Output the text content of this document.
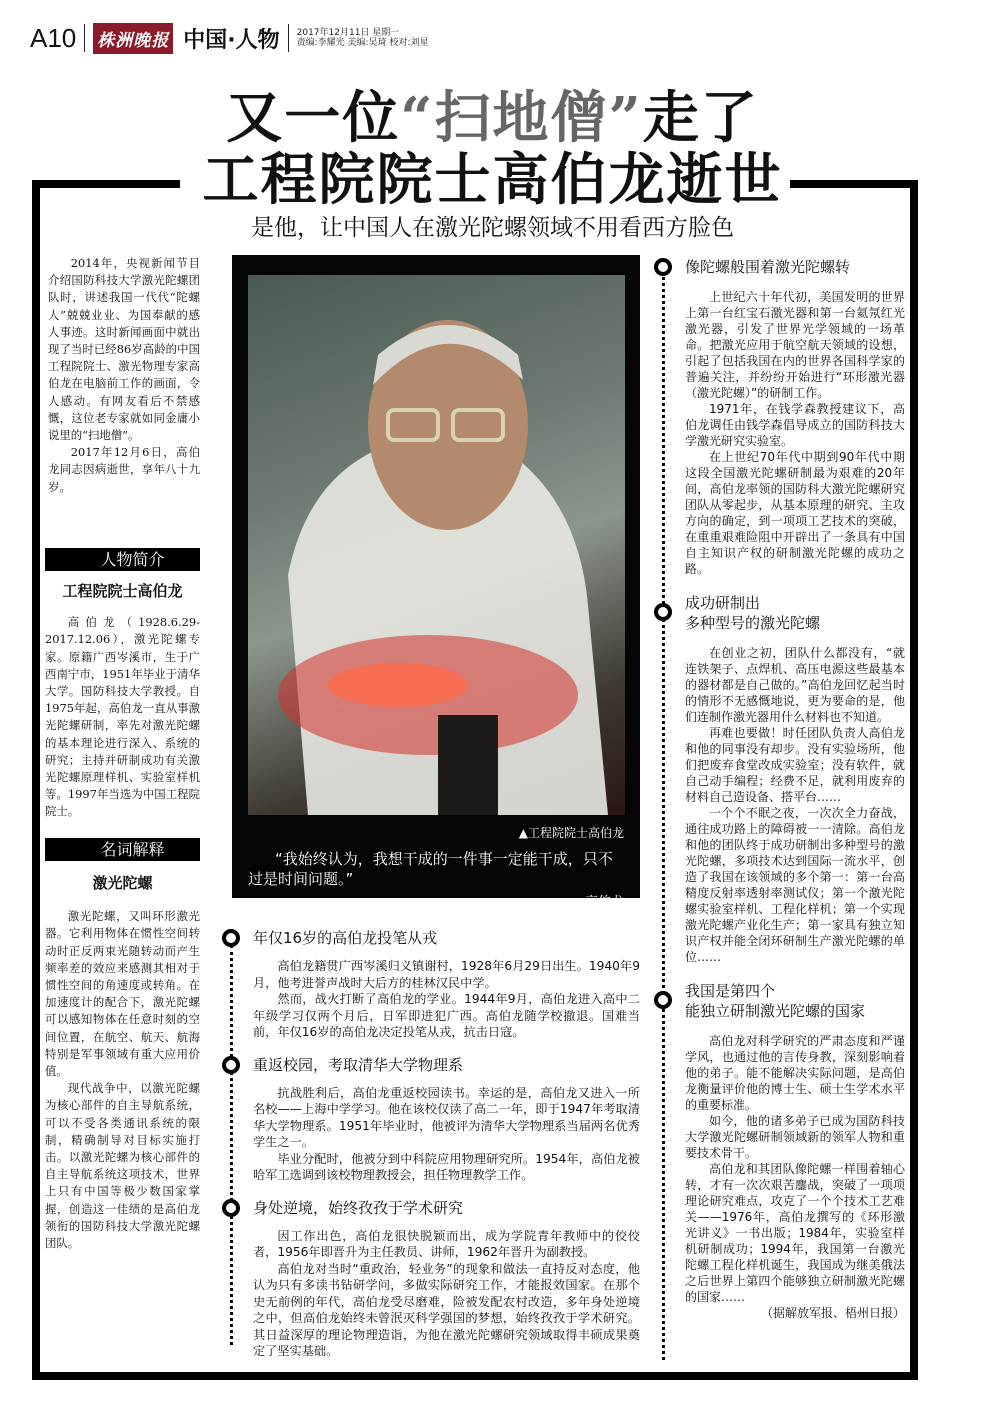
A10 株洲晚报 中国·人物 2017年12月11日 星期一
责编:李耀光 美编:吴琦 校对:刘星
又一位“扫地僧”走了
工程院院士高伯龙逝世
是他，让中国人在激光陀螺领域不用看西方脸色

2014年，央视新闻节目介绍国防科技大学激光陀螺团队时，讲述我国一代代“陀螺人”兢兢业业、为国奉献的感人事迹。这时新闻画面中就出现了当时已经86岁高龄的中国工程院院士、激光物理专家高伯龙在电脑前工作的画面，令人感动。有网友看后不禁感慨，这位老专家就如同金庸小说里的“扫地僧”。

2017年12月6日，高伯龙同志因病逝世，享年八十九岁。

人物简介
工程院院士高伯龙

高伯龙（1928.6.29-2017.12.06），激光陀螺专家。原籍广西岑溪市，生于广西南宁市，1951年毕业于清华大学。国防科技大学教授。自1975年起，高伯龙一直从事激光陀螺研制，率先对激光陀螺的基本理论进行深入、系统的研究；主持并研制成功有关激光陀螺原理样机、实验室样机等。1997年当选为中国工程院院士。

名词解释
激光陀螺

激光陀螺，又叫环形激光器。它利用物体在惯性空间转动时正反两束光随转动而产生频率差的效应来感测其相对于惯性空间的角速度或转角。在加速度计的配合下，激光陀螺可以感知物体在任意时刻的空间位置，在航空、航天、航海特别是军事领域有重大应用价值。

现代战争中，以激光陀螺为核心部件的自主导航系统，可以不受各类通讯系统的限制，精确制导对目标实施打击。以激光陀螺为核心部件的自主导航系统这项技术，世界上只有中国等极少数国家掌握，创造这一佳绩的是高伯龙领衔的国防科技大学激光陀螺团队。

▲工程院院士高伯龙
“我始终认为，我想干成的一件事一定能干成，只不过是时间问题。”
——高伯龙
年仅16岁的高伯龙投笔从戎

高伯龙籍贯广西岑溪归义镇谢村，1928年6月29日出生。1940年9月，他考进誉声战时大后方的桂林汉民中学。

然而，战火打断了高伯龙的学业。1944年9月，高伯龙进入高中二年级学习仅两个月后，日军即进犯广西。高伯龙随学校撤退。国难当前，年仅16岁的高伯龙决定投笔从戎，抗击日寇。

重返校园，考取清华大学物理系

抗战胜利后，高伯龙重返校园读书。幸运的是，高伯龙又进入一所名校——上海中学学习。他在该校仅读了高二一年，即于1947年考取清华大学物理系。1951年毕业时，他被评为清华大学物理系当届两名优秀学生之一。

毕业分配时，他被分到中科院应用物理研究所。1954年，高伯龙被哈军工选调到该校物理教授会，担任物理教学工作。

身处逆境，始终孜孜于学术研究

因工作出色，高伯龙很快脱颖而出，成为学院青年教师中的佼佼者，1956年即晋升为主任教员、讲师，1962年晋升为副教授。

高伯龙对当时“重政治，轻业务”的现象和做法一直持反对态度，他认为只有多读书钻研学问，多做实际研究工作，才能报效国家。在那个史无前例的年代，高伯龙受尽磨难，险被发配农村改造，多年身处逆境之中，但高伯龙始终未曾泯灭科学强国的梦想，始终孜孜于学术研究。其日益深厚的理论物理造诣，为他在激光陀螺研究领域取得丰硕成果奠定了坚实基础。

像陀螺般围着激光陀螺转

上世纪六十年代初，美国发明的世界上第一台红宝石激光器和第一台氦氖红光激光器，引发了世界光学领域的一场革命。把激光应用于航空航天领域的设想，引起了包括我国在内的世界各国科学家的普遍关注，并纷纷开始进行“环形激光器（激光陀螺）”的研制工作。

1971年，在钱学森教授建议下，高伯龙调任由钱学森倡导成立的国防科技大学激光研究实验室。

在上世纪70年代中期到90年代中期这段全国激光陀螺研制最为艰难的20年间，高伯龙率领的国防科大激光陀螺研究团队从零起步，从基本原理的研究、主攻方向的确定，到一项项工艺技术的突破，在重重艰难险阻中开辟出了一条具有中国自主知识产权的研制激光陀螺的成功之路。

成功研制出
多种型号的激光陀螺

在创业之初，团队什么都没有，“就连铁架子、点焊机、高压电源这些最基本的器材都是自己做的。”高伯龙回忆起当时的情形不无感慨地说，更为要命的是，他们连制作激光器用什么材料也不知道。

再难也要做！时任团队负责人高伯龙和他的同事没有却步。没有实验场所，他们把废弃食堂改成实验室；没有软件，就自己动手编程；经费不足，就利用废弃的材料自己造设备、搭平台……

一个个不眠之夜，一次次全力奋战，通往成功路上的障碍被一一清除。高伯龙和他的团队终于成功研制出多种型号的激光陀螺，多项技术达到国际一流水平，创造了我国在该领域的多个第一：第一台高精度反射率透射率测试仪；第一个激光陀螺实验室样机、工程化样机；第一个实现激光陀螺产业化生产；第一家具有独立知识产权并能全闭环研制生产激光陀螺的单位……

我国是第四个
能独立研制激光陀螺的国家

高伯龙对科学研究的严肃态度和严谨学风，也通过他的言传身教，深刻影响着他的弟子。能不能解决实际问题，是高伯龙衡量评价他的博士生、硕士生学术水平的重要标准。

如今，他的诸多弟子已成为国防科技大学激光陀螺研制领域新的领军人物和重要技术骨干。

高伯龙和其团队像陀螺一样围着轴心转，才有一次次艰苦鏖战，突破了一项项理论研究难点，攻克了一个个技术工艺难关——1976年，高伯龙撰写的《环形激光讲义》一书出版；1984年，实验室样机研制成功；1994年，我国第一台激光陀螺工程化样机诞生，我国成为继美俄法之后世界上第四个能够独立研制激光陀螺的国家……

（据解放军报、梧州日报）
